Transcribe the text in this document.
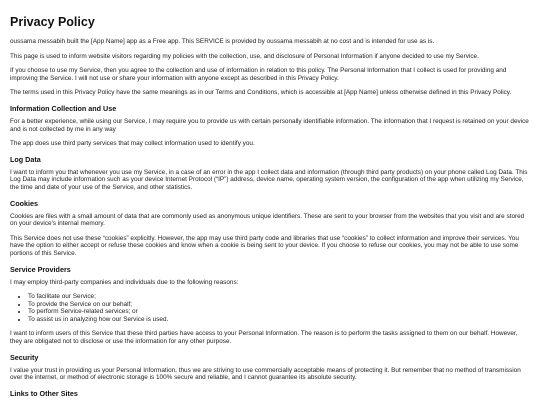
Privacy Policy

oussama messabih built the [App Name] app as a Free app. This SERVICE is provided by oussama messabih at no cost and is intended for use as is.

This page is used to inform website visitors regarding my policies with the collection, use, and disclosure of Personal Information if anyone decided to use my Service.

If you choose to use my Service, then you agree to the collection and use of information in relation to this policy. The Personal Information that I collect is used for providing and improving the Service. I will not use or share your information with anyone except as described in this Privacy Policy.

The terms used in this Privacy Policy have the same meanings as in our Terms and Conditions, which is accessible at [App Name] unless otherwise defined in this Privacy Policy.

Information Collection and Use

For a better experience, while using our Service, I may require you to provide us with certain personally identifiable information. The information that I request is retained on your device and is not collected by me in any way

The app does use third party services that may collect information used to identify you.

Log Data

I want to inform you that whenever you use my Service, in a case of an error in the app I collect data and information (through third party products) on your phone called Log Data. This Log Data may include information such as your device Internet Protocol (“IP”) address, device name, operating system version, the configuration of the app when utilizing my Service, the time and date of your use of the Service, and other statistics.

Cookies

Cookies are files with a small amount of data that are commonly used as anonymous unique identifiers. These are sent to your browser from the websites that you visit and are stored on your device's internal memory.

This Service does not use these “cookies” explicitly. However, the app may use third party code and libraries that use “cookies” to collect information and improve their services. You have the option to either accept or refuse these cookies and know when a cookie is being sent to your device. If you choose to refuse our cookies, you may not be able to use some portions of this Service.

Service Providers

I may employ third-party companies and individuals due to the following reasons:

• To facilitate our Service;
• To provide the Service on our behalf;
• To perform Service-related services; or
• To assist us in analyzing how our Service is used.

I want to inform users of this Service that these third parties have access to your Personal Information. The reason is to perform the tasks assigned to them on our behalf. However, they are obligated not to disclose or use the information for any other purpose.

Security

I value your trust in providing us your Personal Information, thus we are striving to use commercially acceptable means of protecting it. But remember that no method of transmission over the internet, or method of electronic storage is 100% secure and reliable, and I cannot guarantee its absolute security.

Links to Other Sites
